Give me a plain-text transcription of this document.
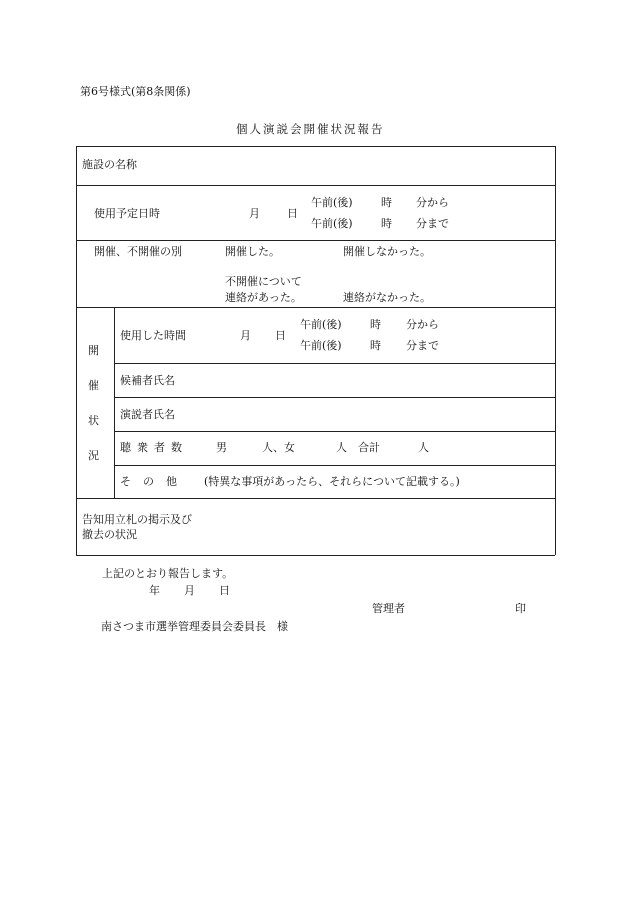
第6号様式(第8条関係)
個人演説会開催状況報告
施設の名称
使用予定日時	月 日
午前(後)	時 分から
午前(後)	時 分まで
開催、不開催の別	開催した。	開催しなかった。
不開催について
連絡があった。	連絡がなかった。
開
催
状
況
使用した時間	月 日
午前(後)	時 分から
午前(後)	時 分まで
候補者氏名
演説者氏名
聴衆者数	男	人、女	人　合計	人
その他 (特異な事項があったら、それらについて記載する。)
告知用立札の掲示及び
撤去の状況
上記のとおり報告します。
年 月 日
管理者	印
南さつま市選挙管理委員会委員長　様
